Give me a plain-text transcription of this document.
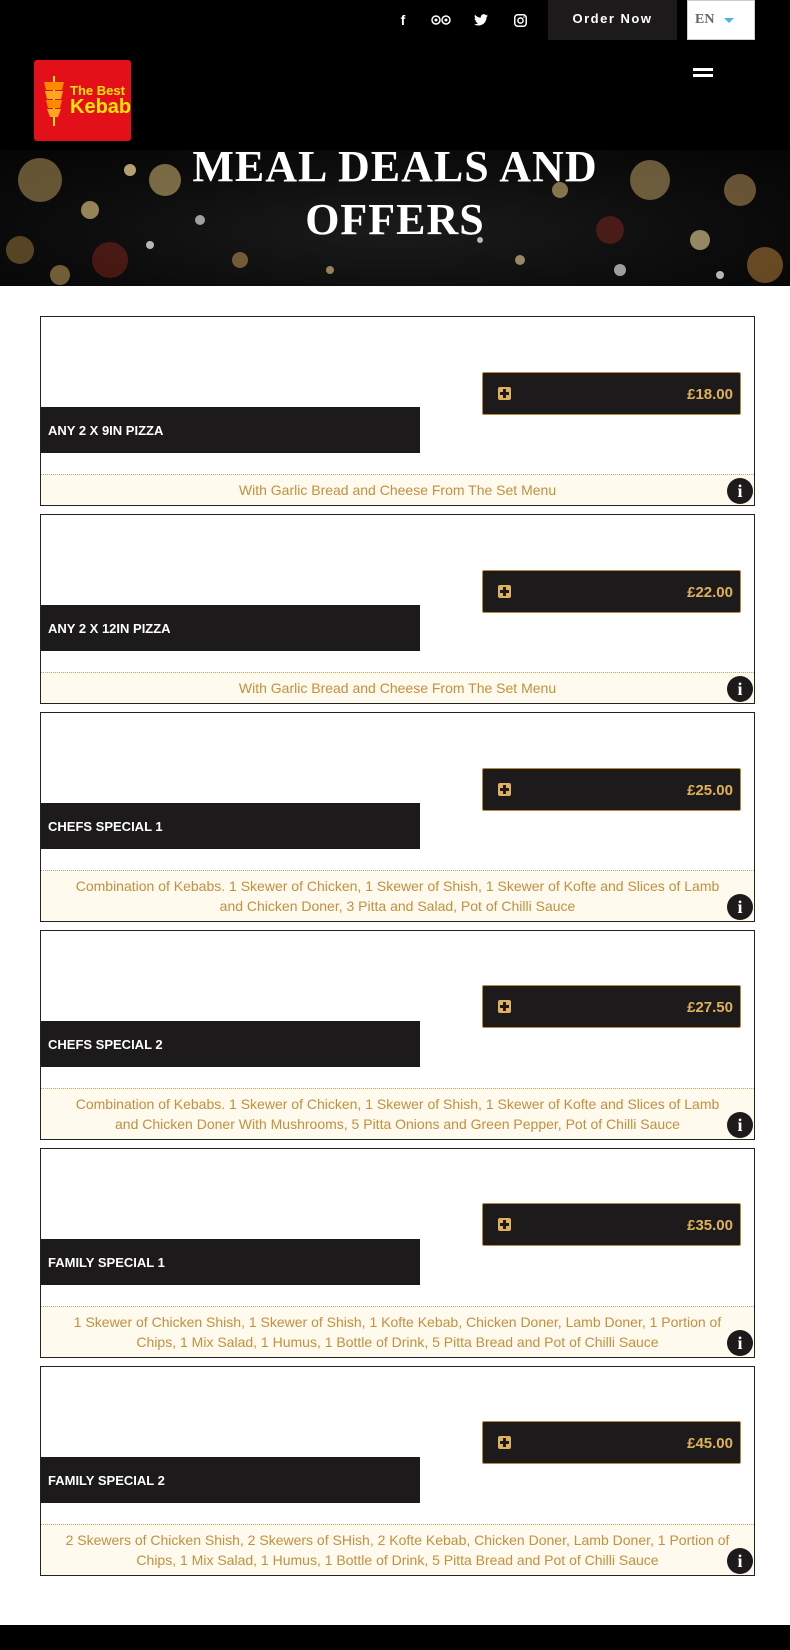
f	Order Now	EN
The Best
Kebab
MEAL DEALS AND
OFFERS
£18.00
ANY 2 X 9IN PIZZA
With Garlic Bread and Cheese From The Set Menu	i
£22.00
ANY 2 X 12IN PIZZA
With Garlic Bread and Cheese From The Set Menu	i
£25.00
CHEFS SPECIAL 1
Combination of Kebabs. 1 Skewer of Chicken, 1 Skewer of Shish, 1 Skewer of Kofte and Slices of Lamb and Chicken Doner, 3 Pitta and Salad, Pot of Chilli Sauce	i
£27.50
CHEFS SPECIAL 2
Combination of Kebabs. 1 Skewer of Chicken, 1 Skewer of Shish, 1 Skewer of Kofte and Slices of Lamb and Chicken Doner With Mushrooms, 5 Pitta Onions and Green Pepper, Pot of Chilli Sauce	i
£35.00
FAMILY SPECIAL 1
1 Skewer of Chicken Shish, 1 Skewer of Shish, 1 Kofte Kebab, Chicken Doner, Lamb Doner, 1 Portion of Chips, 1 Mix Salad, 1 Humus, 1 Bottle of Drink, 5 Pitta Bread and Pot of Chilli Sauce	i
£45.00
FAMILY SPECIAL 2
2 Skewers of Chicken Shish, 2 Skewers of SHish, 2 Kofte Kebab, Chicken Doner, Lamb Doner, 1 Portion of Chips, 1 Mix Salad, 1 Humus, 1 Bottle of Drink, 5 Pitta Bread and Pot of Chilli Sauce	i
